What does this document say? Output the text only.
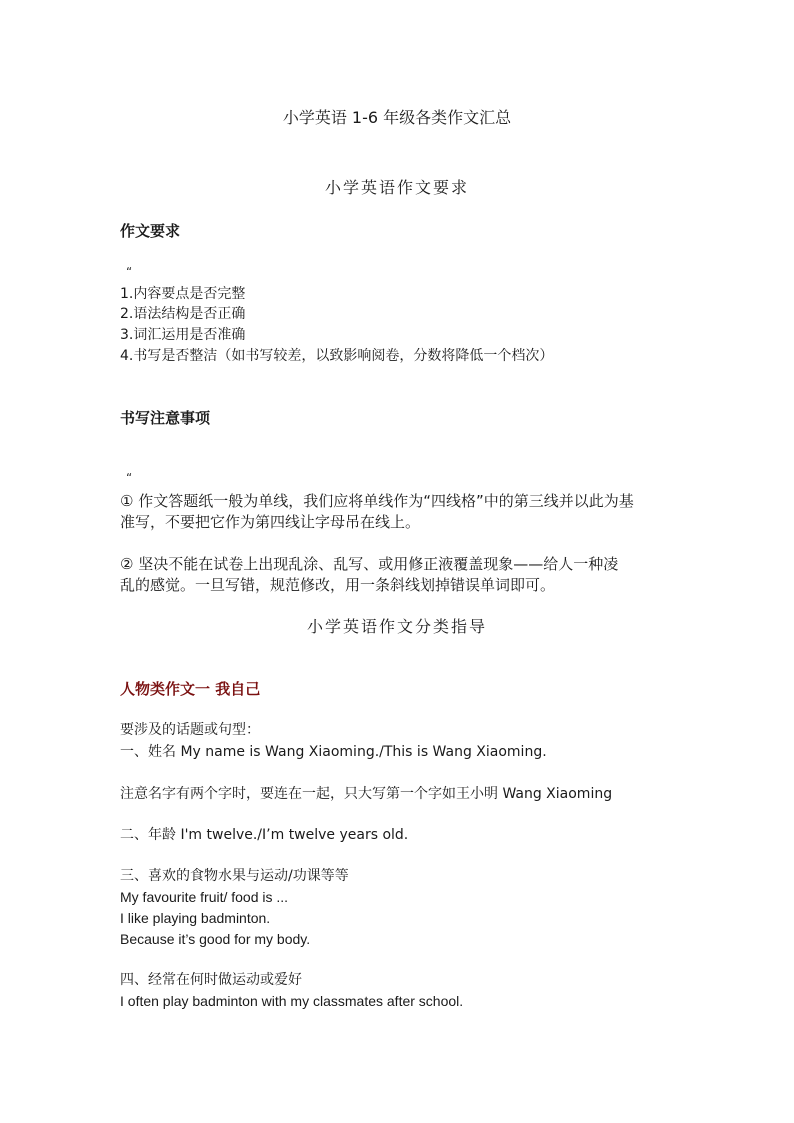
小学英语 1-6 年级各类作文汇总
小学英语作文要求
作文要求
“
1.内容要点是否完整
2.语法结构是否正确
3.词汇运用是否准确
4.书写是否整洁（如书写较差，以致影响阅卷，分数将降低一个档次）
书写注意事项
“
① 作文答题纸一般为单线，我们应将单线作为“四线格”中的第三线并以此为基
准写，不要把它作为第四线让字母吊在线上。
② 坚决不能在试卷上出现乱涂、乱写、或用修正液覆盖现象——给人一种凌
乱的感觉。一旦写错，规范修改，用一条斜线划掉错误单词即可。
小学英语作文分类指导
人物类作文一 我自己
要涉及的话题或句型：
一、姓名 My name is Wang Xiaoming./This is Wang Xiaoming.
注意名字有两个字时，要连在一起，只大写第一个字如王小明 Wang Xiaoming
二、年龄 I'm twelve./I’m twelve years old.
三、喜欢的食物水果与运动/功课等等
My favourite fruit/ food is ...
I like playing badminton.
Because it’s good for my body.
四、经常在何时做运动或爱好
I often play badminton with my classmates after school.
